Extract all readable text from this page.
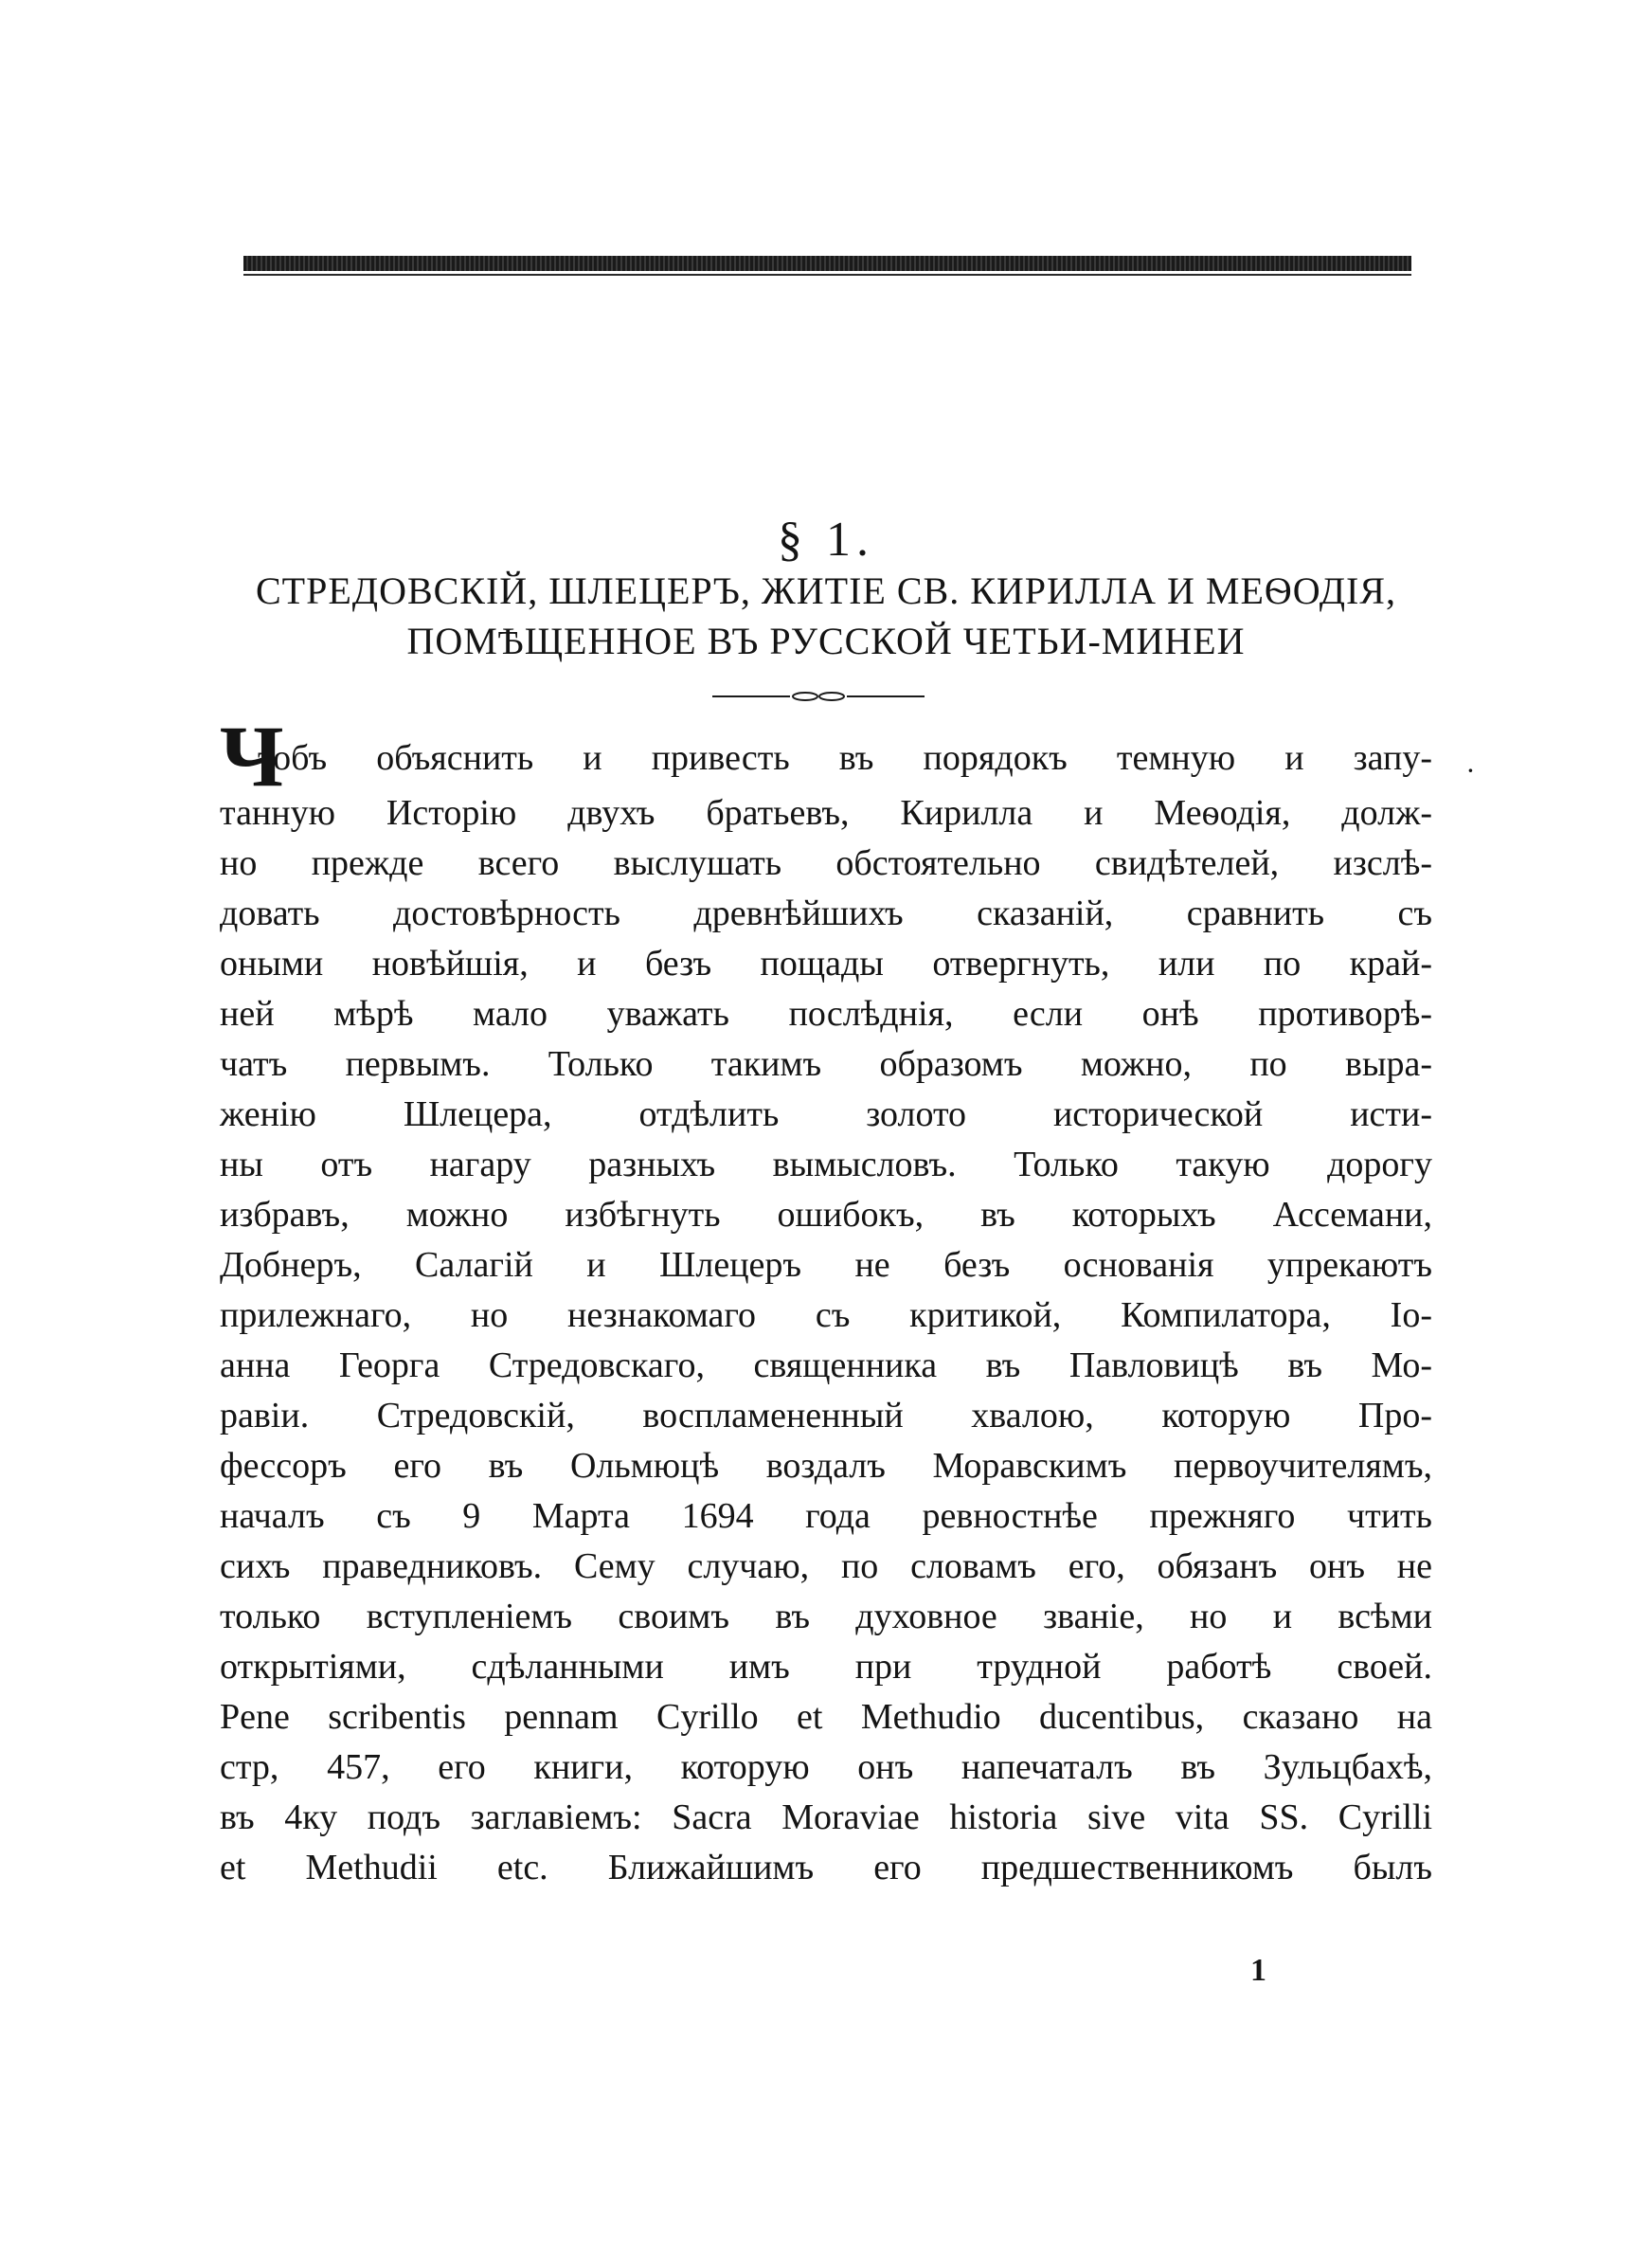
§ 1.
СТРЕДОВСКІЙ, ШЛЕЦЕРЪ, ЖИТІЕ СВ. КИРИЛЛА И МЕѲОДІЯ,
ПОМѢЩЕННОЕ ВЪ РУССКОЙ ЧЕТЬИ-МИНЕИ
Ч
тобъ объяснить и привесть въ порядокъ темную и запу-
танную Исторію двухъ братьевъ, Кирилла и Меѳодія, долж-
но прежде всего выслушать обстоятельно свидѣтелей, изслѣ-
довать достовѣрность древнѣйшихъ сказаній, сравнить съ
оными новѣйшія, и безъ пощады отвергнуть, или по край-
ней мѣрѣ мало уважать послѣднія, если онѣ противорѣ-
чатъ первымъ. Только такимъ образомъ можно, по выра-
женію Шлецера, отдѣлить золото исторической исти-
ны отъ нагару разныхъ вымысловъ. Только такую дорогу
избравъ, можно избѣгнуть ошибокъ, въ которыхъ Ассемани,
Добнеръ, Салагій и Шлецеръ не безъ основанія упрекаютъ
прилежнаго, но незнакомаго съ критикой, Компилатора, Іо-
анна Георга Стредовскаго, священника въ Павловицѣ въ Мо-
равіи. Стредовскій, воспламененный хвалою, которую Про-
фессоръ его въ Ольмюцѣ воздалъ Моравскимъ первоучителямъ,
началъ съ 9 Марта 1694 года ревностнѣе прежняго чтить
сихъ праведниковъ. Сему случаю, по словамъ его, обязанъ онъ не
только вступленіемъ своимъ въ духовное званіе, но и всѣми
открытіями, сдѣланными имъ при трудной работѣ своей.
Pene scribentis pennam Cyrillo et Methudio ducentibus, сказано на
стр, 457, его книги, которую онъ напечаталъ въ Зульцбахѣ,
въ 4ку подъ заглавіемъ: Sacra Moraviae historia sive vita SS. Cyrilli
et Methudii etc. Ближайшимъ его предшественникомъ былъ
·
1
